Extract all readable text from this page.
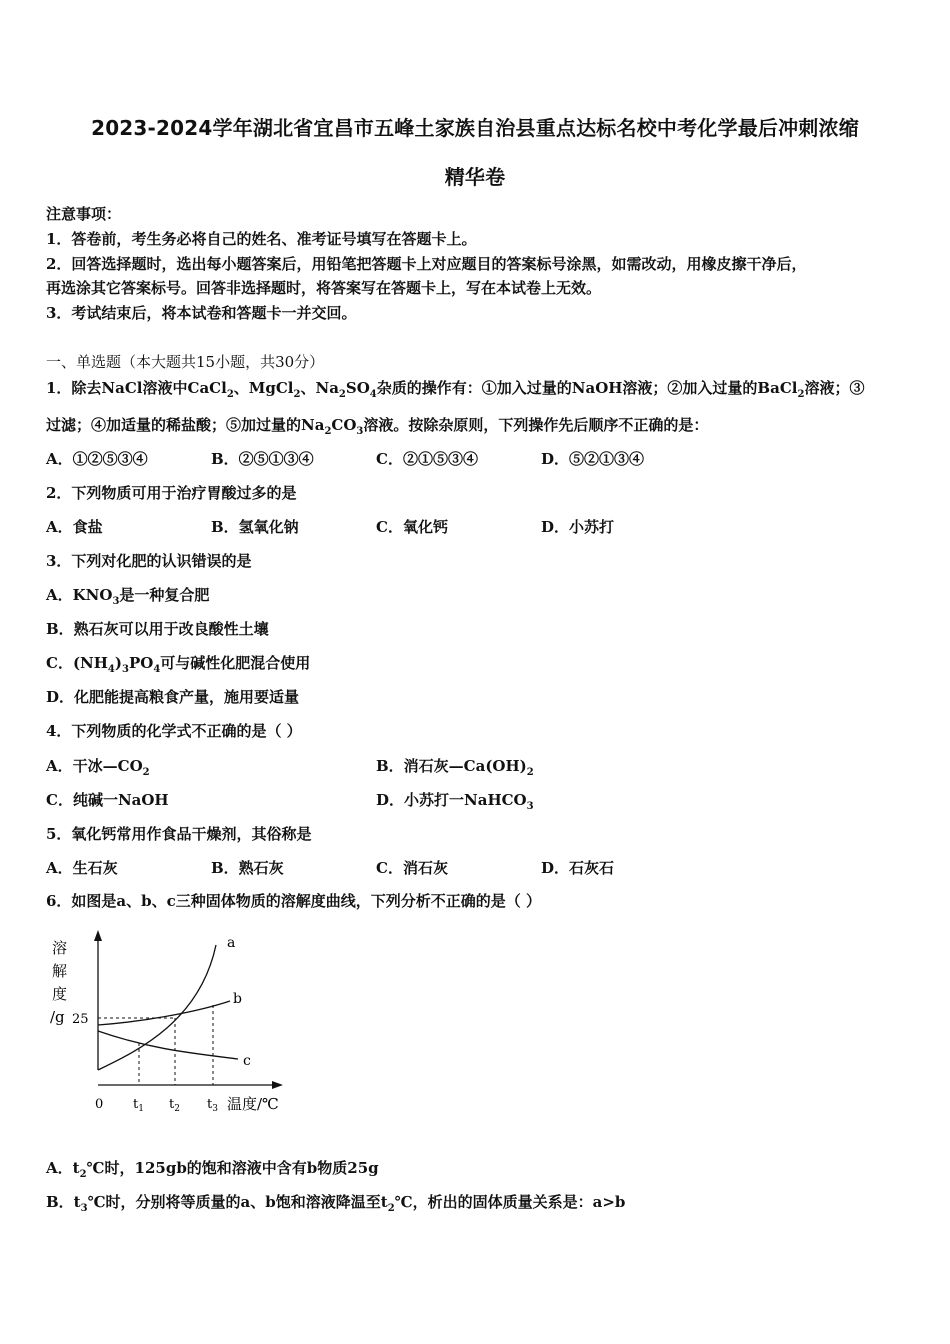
2023-2024学年湖北省宜昌市五峰土家族自治县重点达标名校中考化学最后冲刺浓缩
精华卷
注意事项：
1．答卷前，考生务必将自己的姓名、准考证号填写在答题卡上。
2．回答选择题时，选出每小题答案后，用铅笔把答题卡上对应题目的答案标号涂黑，如需改动，用橡皮擦干净后，
再选涂其它答案标号。回答非选择题时，将答案写在答题卡上，写在本试卷上无效。
3．考试结束后，将本试卷和答题卡一并交回。
一、单选题（本大题共15小题，共30分）
1．除去NaCl溶液中CaCl$_2$、MgCl$_2$、$Na_2SO_4$杂质的操作有：①加入过量的NaOH溶液；②加入过量的BaCl$_2$溶液；③
过滤；④加适量的稀盐酸；⑤加过量的$Na_2CO_3$溶液。按除杂原则，下列操作先后顺序不正确的是：
A．①②⑤③④	B．②⑤①③④	C．②①⑤③④	D．⑤②①③④
2．下列物质可用于治疗胃酸过多的是
A．食盐	B．氢氧化钠	C．氧化钙	D．小苏打
3．下列对化肥的认识错误的是
A．$KNO_3$是一种复合肥
B．熟石灰可以用于改良酸性土壤
C．$(NH_4)_3PO_4$可与碱性化肥混合使用
D．化肥能提高粮食产量，施用要适量
4．下列物质的化学式不正确的是（ ）
A．干冰$—CO_2$	B．消石灰$—Ca(OH)_2$
C．纯碱一NaOH	D．小苏打一NaHCO$_3$
5．氧化钙常用作食品干燥剂，其俗称是
A．生石灰	B．熟石灰	C．消石灰	D．石灰石
6．如图是a、b、c三种固体物质的溶解度曲线，下列分析不正确的是（ ）
a
b
c
溶
解
度
/g 25
0 $t_1$ $t_2$ $t_3$ 温度/℃
A．$t_2℃$时，125gb的饱和溶液中含有b物质25g
B．$t_3℃$时，分别将等质量的a、b饱和溶液降温至$t_2℃$，析出的固体质量关系是：a>b
